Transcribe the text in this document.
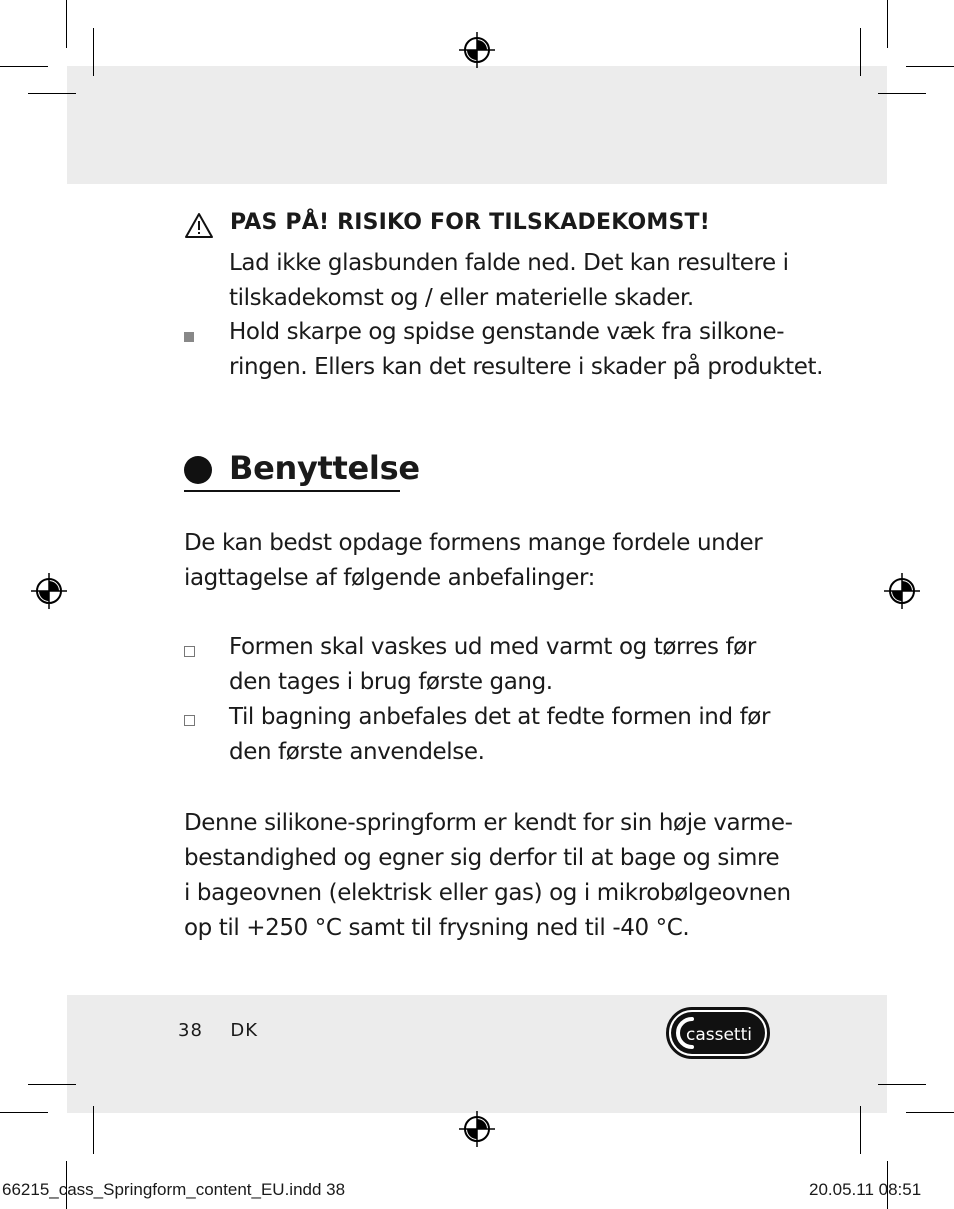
PAS PÅ! RISIKO FOR TILSKADEKOMST!
Lad ikke glasbunden falde ned. Det kan resultere i
tilskadekomst og / eller materielle skader.
Hold skarpe og spidse genstande væk fra silkone-
ringen. Ellers kan det resultere i skader på produktet.
Benyttelse
De kan bedst opdage formens mange fordele under
iagttagelse af følgende anbefalinger:
Formen skal vaskes ud med varmt og tørres før
den tages i brug første gang.
Til bagning anbefales det at fedte formen ind før
den første anvendelse.
Denne silikone-springform er kendt for sin høje varme-
bestandighed og egner sig derfor til at bage og simre
i bageovnen (elektrisk eller gas) og i mikrobølgeovnen
op til +250 °C samt til frysning ned til -40 °C.
38 DK	cassetti
66215_cass_Springform_content_EU.indd 38	20.05.11 08:51
